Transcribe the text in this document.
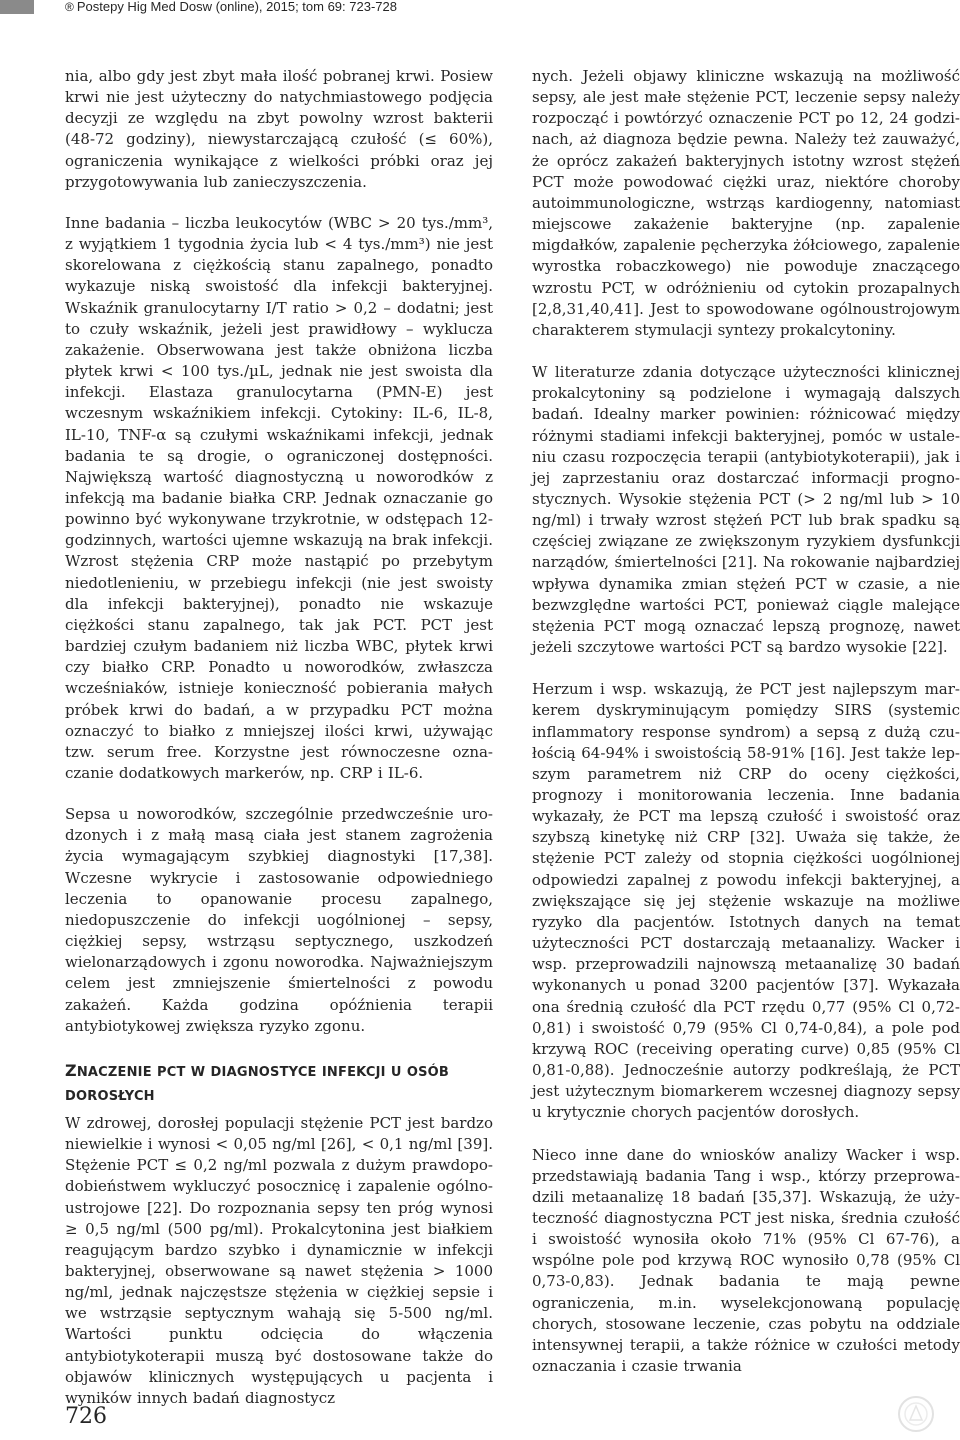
® Postepy Hig Med Dosw (online), 2015; tom 69: 723-728

nia, albo gdy jest zbyt mała ilość pobranej krwi. Posiew krwi nie jest użyteczny do natychmiastowego podjęcia decyzji ze względu na zbyt powolny wzrost bakterii (48-72 godziny), niewystarczającą czułość (≤ 60%), ograniczenia wynikające z wielkości próbki oraz jej przygotowywania lub zanieczyszczenia.

Inne badania – liczba leukocytów (WBC > 20 tys./mm³, z wyjątkiem 1 tygodnia życia lub < 4 tys./mm³) nie jest skorelowana z ciężkością stanu zapalnego, ponadto wykazuje niską swoistość dla infekcji bakteryjnej. Wskaźnik granulocytarny I/T ratio > 0,2 – dodatni; jest to czuły wskaźnik, jeżeli jest prawidłowy – wyklucza zakażenie. Obserwowana jest także obniżona liczba płytek krwi < 100 tys./µL, jednak nie jest swoista dla infekcji. Elastaza granulocytarna (PMN-E) jest wczesnym wskaźnikiem infekcji. Cytokiny: IL-6, IL-8, IL-10, TNF-α są czułymi wskaźnikami infekcji, jednak badania te są drogie, o ograniczonej dostępności. Największą wartość diagnostyczną u noworodków z infekcją ma badanie białka CRP. Jednak oznaczanie go powinno być wykonywane trzykrotnie, w odstępach 12-godzinnych, wartości ujemne wskazują na brak infekcji. Wzrost stężenia CRP może nastąpić po przebytym niedotlenieniu, w przebiegu infekcji (nie jest swoisty dla infekcji bakteryjnej), ponadto nie wskazuje ciężkości stanu zapalnego, tak jak PCT. PCT jest bardziej czułym badaniem niż liczba WBC, płytek krwi czy białko CRP. Ponadto u noworodków, zwłaszcza wcześniaków, istnieje konieczność pobierania małych próbek krwi do badań, a w przypadku PCT można oznaczyć to białko z mniejszej ilości krwi, używając tzw. serum free. Korzystne jest równoczesne oznaczanie dodatkowych markerów, np. CRP i IL-6.

Sepsa u noworodków, szczególnie przedwcześnie urodzonych i z małą masą ciała jest stanem zagrożenia życia wymagającym szybkiej diagnostyki [17,38]. Wczesne wykrycie i zastosowanie odpowiedniego leczenia to opanowanie procesu zapalnego, niedopuszczenie do infekcji uogólnionej – sepsy, ciężkiej sepsy, wstrząsu septycznego, uszkodzeń wielonarządowych i zgonu noworodka. Najważniejszym celem jest zmniejszenie śmiertelności z powodu zakażeń. Każda godzina opóźnienia terapii antybiotykowej zwiększa ryzyko zgonu.

ZNACZENIE PCT W DIAGNOSTYCE INFEKCJI U OSÓB DOROSŁYCH

W zdrowej, dorosłej populacji stężenie PCT jest bardzo niewielkie i wynosi < 0,05 ng/ml [26], < 0,1 ng/ml [39]. Stężenie PCT ≤ 0,2 ng/ml pozwala z dużym prawdopodobieństwem wykluczyć posocznicę i zapalenie ogólnoustrojowe [22]. Do rozpoznania sepsy ten próg wynosi ≥ 0,5 ng/ml (500 pg/ml). Prokalcytonina jest białkiem reagującym bardzo szybko i dynamicznie w infekcji bakteryjnej, obserwowane są nawet stężenia > 1000 ng/ml, jednak najczęstsze stężenia w ciężkiej sepsie i we wstrząsie septycznym wahają się 5-500 ng/ml. Wartości punktu odcięcia do włączenia antybiotykoterapii muszą być dostosowane także do objawów klinicznych występujących u pacjenta i wyników innych badań diagnostycz

nych. Jeżeli objawy kliniczne wskazują na możliwość sepsy, ale jest małe stężenie PCT, leczenie sepsy należy rozpocząć i powtórzyć oznaczenie PCT po 12, 24 godzinach, aż diagnoza będzie pewna. Należy też zauważyć, że oprócz zakażeń bakteryjnych istotny wzrost stężeń PCT może powodować ciężki uraz, niektóre choroby autoimmunologiczne, wstrząs kardiogenny, natomiast miejscowe zakażenie bakteryjne (np. zapalenie migdałków, zapalenie pęcherzyka żółciowego, zapalenie wyrostka robaczkowego) nie powoduje znaczącego wzrostu PCT, w odróżnieniu od cytokin prozapalnych [2,8,31,40,41]. Jest to spowodowane ogólnoustrojowym charakterem stymulacji syntezy prokalcytoniny.

W literaturze zdania dotyczące użyteczności klinicznej prokalcytoniny są podzielone i wymagają dalszych badań. Idealny marker powinien: różnicować między różnymi stadiami infekcji bakteryjnej, pomóc w ustaleniu czasu rozpoczęcia terapii (antybiotykoterapii), jak i jej zaprzestaniu oraz dostarczać informacji prognostycznych. Wysokie stężenia PCT (> 2 ng/ml lub > 10 ng/ml) i trwały wzrost stężeń PCT lub brak spadku są częściej związane ze zwiększonym ryzykiem dysfunkcji narządów, śmiertelności [21]. Na rokowanie najbardziej wpływa dynamika zmian stężeń PCT w czasie, a nie bezwzględne wartości PCT, ponieważ ciągle malejące stężenia PCT mogą oznaczać lepszą prognozę, nawet jeżeli szczytowe wartości PCT są bardzo wysokie [22].

Herzum i wsp. wskazują, że PCT jest najlepszym markerem dyskryminującym pomiędzy SIRS (systemic inflammatory response syndrom) a sepsą z dużą czułością 64-94% i swoistością 58-91% [16]. Jest także lepszym parametrem niż CRP do oceny ciężkości, prognozy i monitorowania leczenia. Inne badania wykazały, że PCT ma lepszą czułość i swoistość oraz szybszą kinetykę niż CRP [32]. Uważa się także, że stężenie PCT zależy od stopnia ciężkości uogólnionej odpowiedzi zapalnej z powodu infekcji bakteryjnej, a zwiększające się jej stężenie wskazuje na możliwe ryzyko dla pacjentów. Istotnych danych na temat użyteczności PCT dostarczają metaanalizy. Wacker i wsp. przeprowadzili najnowszą metaanalizę 30 badań wykonanych u ponad 3200 pacjentów [37]. Wykazała ona średnią czułość dla PCT rzędu 0,77 (95% Cl 0,72-0,81) i swoistość 0,79 (95% Cl 0,74-0,84), a pole pod krzywą ROC (receiving operating curve) 0,85 (95% Cl 0,81-0,88). Jednocześnie autorzy podkreślają, że PCT jest użytecznym biomarkerem wczesnej diagnozy sepsy u krytycznie chorych pacjentów dorosłych.

Nieco inne dane do wniosków analizy Wacker i wsp. przedstawiają badania Tang i wsp., którzy przeprowadzili metaanalizę 18 badań [35,37]. Wskazują, że użyteczność diagnostyczna PCT jest niska, średnia czułość i swoistość wynosiła około 71% (95% Cl 67-76), a wspólne pole pod krzywą ROC wynosiło 0,78 (95% Cl 0,73-0,83). Jednak badania te mają pewne ograniczenia, m.in. wyselekcjonowaną populację chorych, stosowane leczenie, czas pobytu na oddziale intensywnej terapii, a także różnice w czułości metody oznaczania i czasie trwania

726
